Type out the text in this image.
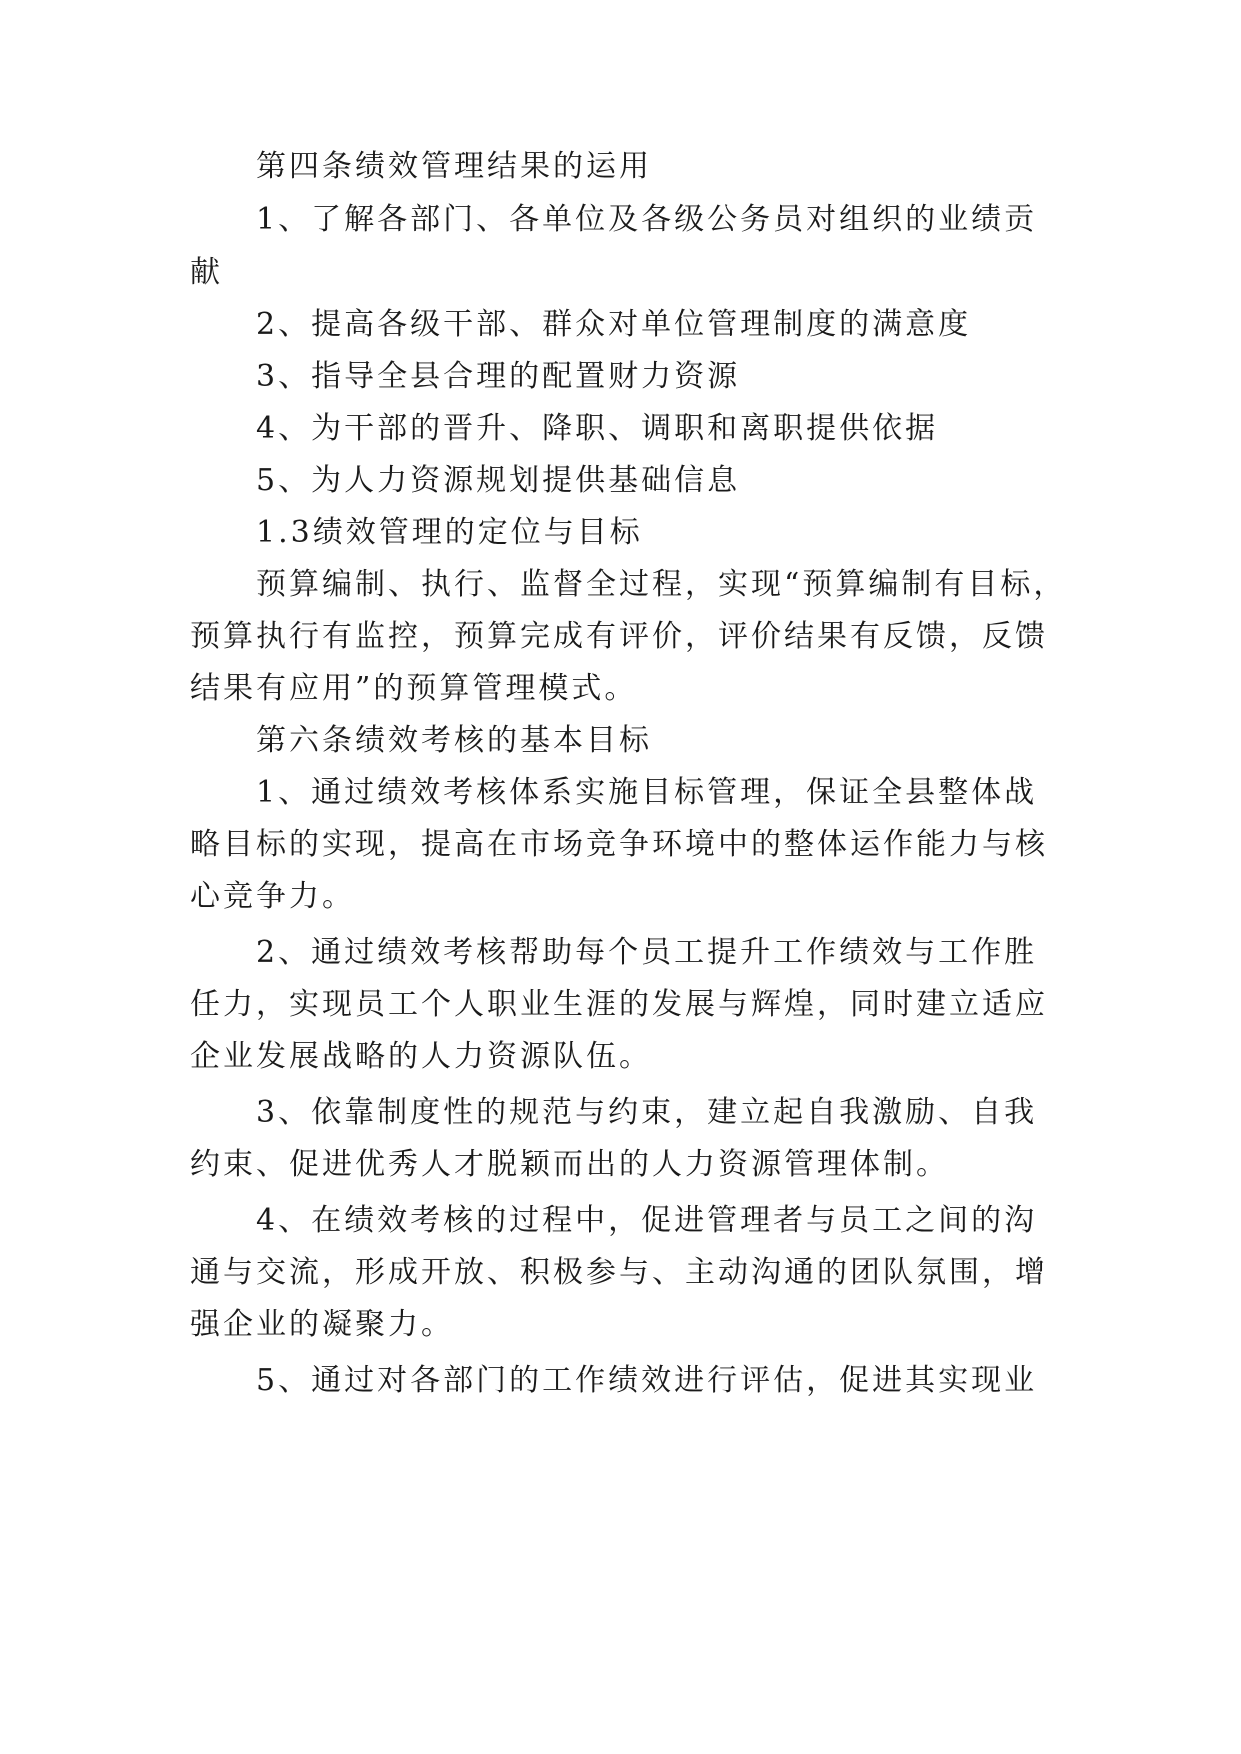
第四条绩效管理结果的运用
1、了解各部门、各单位及各级公务员对组织的业绩贡
献
2、提高各级干部、群众对单位管理制度的满意度
3、指导全县合理的配置财力资源
4、为干部的晋升、降职、调职和离职提供依据
5、为人力资源规划提供基础信息
1.3绩效管理的定位与目标
预算编制、执行、监督全过程，实现“预算编制有目标，
预算执行有监控，预算完成有评价，评价结果有反馈，反馈
结果有应用”的预算管理模式。
第六条绩效考核的基本目标
1、通过绩效考核体系实施目标管理，保证全县整体战
略目标的实现，提高在市场竞争环境中的整体运作能力与核
心竞争力。
2、通过绩效考核帮助每个员工提升工作绩效与工作胜
任力，实现员工个人职业生涯的发展与辉煌，同时建立适应
企业发展战略的人力资源队伍。
3、依靠制度性的规范与约束，建立起自我激励、自我
约束、促进优秀人才脱颖而出的人力资源管理体制。
4、在绩效考核的过程中，促进管理者与员工之间的沟
通与交流，形成开放、积极参与、主动沟通的团队氛围，增
强企业的凝聚力。
5、通过对各部门的工作绩效进行评估，促进其实现业
